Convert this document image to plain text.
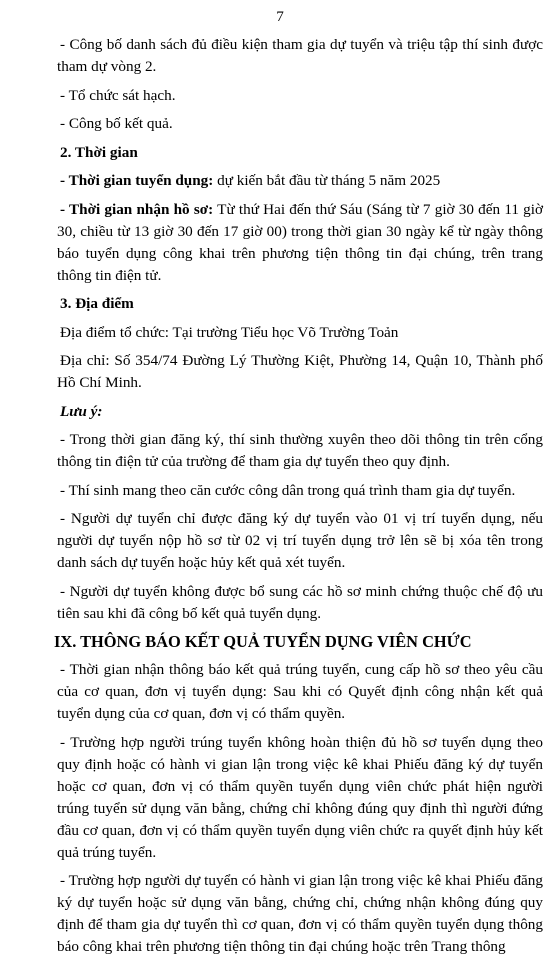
7

- Công bố danh sách đủ điều kiện tham gia dự tuyển và triệu tập thí sinh được tham dự vòng 2.

- Tổ chức sát hạch.

- Công bố kết quả.

2. Thời gian

- Thời gian tuyển dụng: dự kiến bắt đầu từ tháng 5 năm 2025

- Thời gian nhận hồ sơ: Từ thứ Hai đến thứ Sáu (Sáng từ 7 giờ 30 đến 11 giờ 30, chiều từ 13 giờ 30 đến 17 giờ 00) trong thời gian 30 ngày kể từ ngày thông báo tuyển dụng công khai trên phương tiện thông tin đại chúng, trên trang thông tin điện tử.

3. Địa điểm

Địa điểm tổ chức: Tại trường Tiểu học Võ Trường Toản

Địa chỉ: Số 354/74 Đường Lý Thường Kiệt, Phường 14, Quận 10, Thành phố Hồ Chí Minh.

Lưu ý:

- Trong thời gian đăng ký, thí sinh thường xuyên theo dõi thông tin trên cổng thông tin điện tử của trường để tham gia dự tuyển theo quy định.

- Thí sinh mang theo căn cước công dân trong quá trình tham gia dự tuyển.

- Người dự tuyển chỉ được đăng ký dự tuyển vào 01 vị trí tuyển dụng, nếu người dự tuyển nộp hồ sơ từ 02 vị trí tuyển dụng trở lên sẽ bị xóa tên trong danh sách dự tuyển hoặc hủy kết quả xét tuyển.

- Người dự tuyển không được bổ sung các hồ sơ minh chứng thuộc chế độ ưu tiên sau khi đã công bố kết quả tuyển dụng.

IX. THÔNG BÁO KẾT QUẢ TUYỂN DỤNG VIÊN CHỨC

- Thời gian nhận thông báo kết quả trúng tuyển, cung cấp hồ sơ theo yêu cầu của cơ quan, đơn vị tuyển dụng: Sau khi có Quyết định công nhận kết quả tuyển dụng của cơ quan, đơn vị có thẩm quyền.

- Trường hợp người trúng tuyển không hoàn thiện đủ hồ sơ tuyển dụng theo quy định hoặc có hành vi gian lận trong việc kê khai Phiếu đăng ký dự tuyển hoặc cơ quan, đơn vị có thẩm quyền tuyển dụng viên chức phát hiện người trúng tuyển sử dụng văn bằng, chứng chỉ không đúng quy định thì người đứng đầu cơ quan, đơn vị có thẩm quyền tuyển dụng viên chức ra quyết định hủy kết quả trúng tuyển.

- Trường hợp người dự tuyển có hành vi gian lận trong việc kê khai Phiếu đăng ký dự tuyển hoặc sử dụng văn bằng, chứng chỉ, chứng nhận không đúng quy định để tham gia dự tuyển thì cơ quan, đơn vị có thẩm quyền tuyển dụng thông báo công khai trên phương tiện thông tin đại chúng hoặc trên Trang thông
